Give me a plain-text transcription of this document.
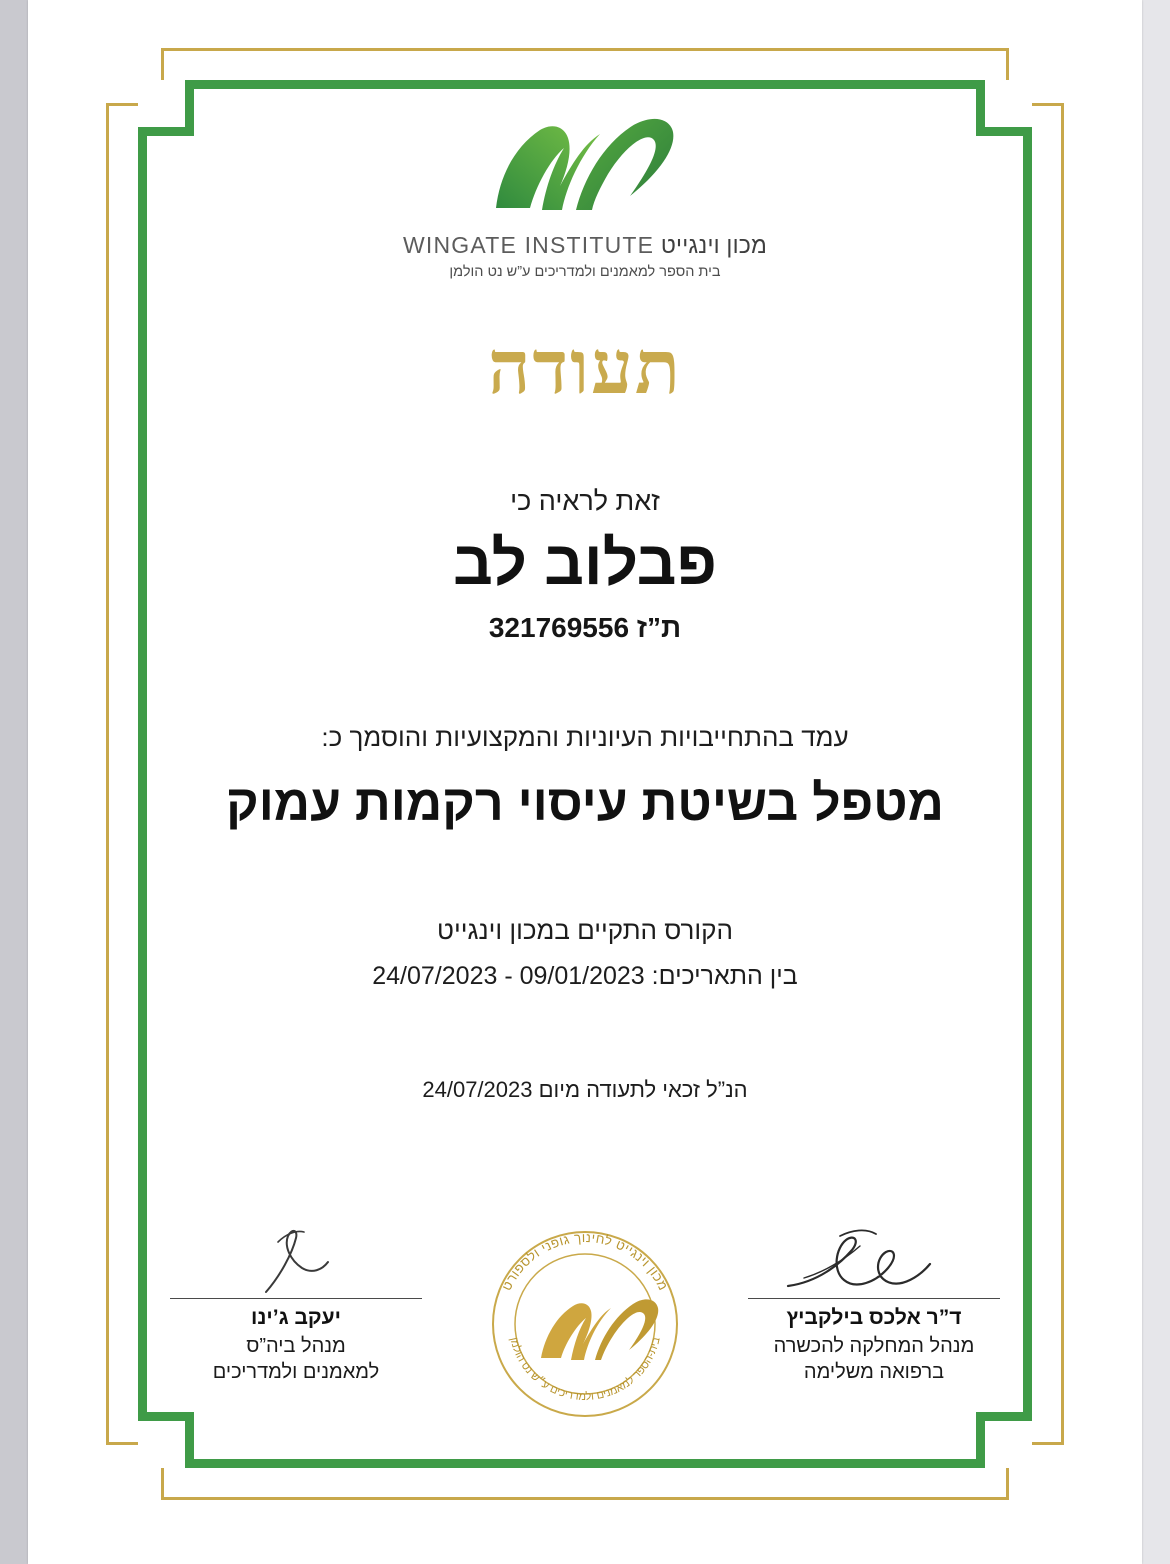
מכון וינגייט WINGATE INSTITUTE
בית הספר למאמנים ולמדריכים ע”ש נט הולמן
תעודה
זאת לראיה כי
פבלוב לב
ת”ז 321769556
עמד בהתחייבויות העיוניות והמקצועיות והוסמך כ:
מטפל בשיטת עיסוי רקמות עמוק
הקורס התקיים במכון וינגייט
בין התאריכים: 09/01/2023 - 24/07/2023
הנ”ל זכאי לתעודה מיום 24/07/2023
מכון וינגייט לחינוך גופני ולספורט
בית-הספר למאמנים ולמדריכים ע״ש נט הולמן
ד”ר אלכס בילקביץ
מנהל המחלקה להכשרה
ברפואה משלימה
יעקב ג’ינו
מנהל ביה”ס
למאמנים ולמדריכים
